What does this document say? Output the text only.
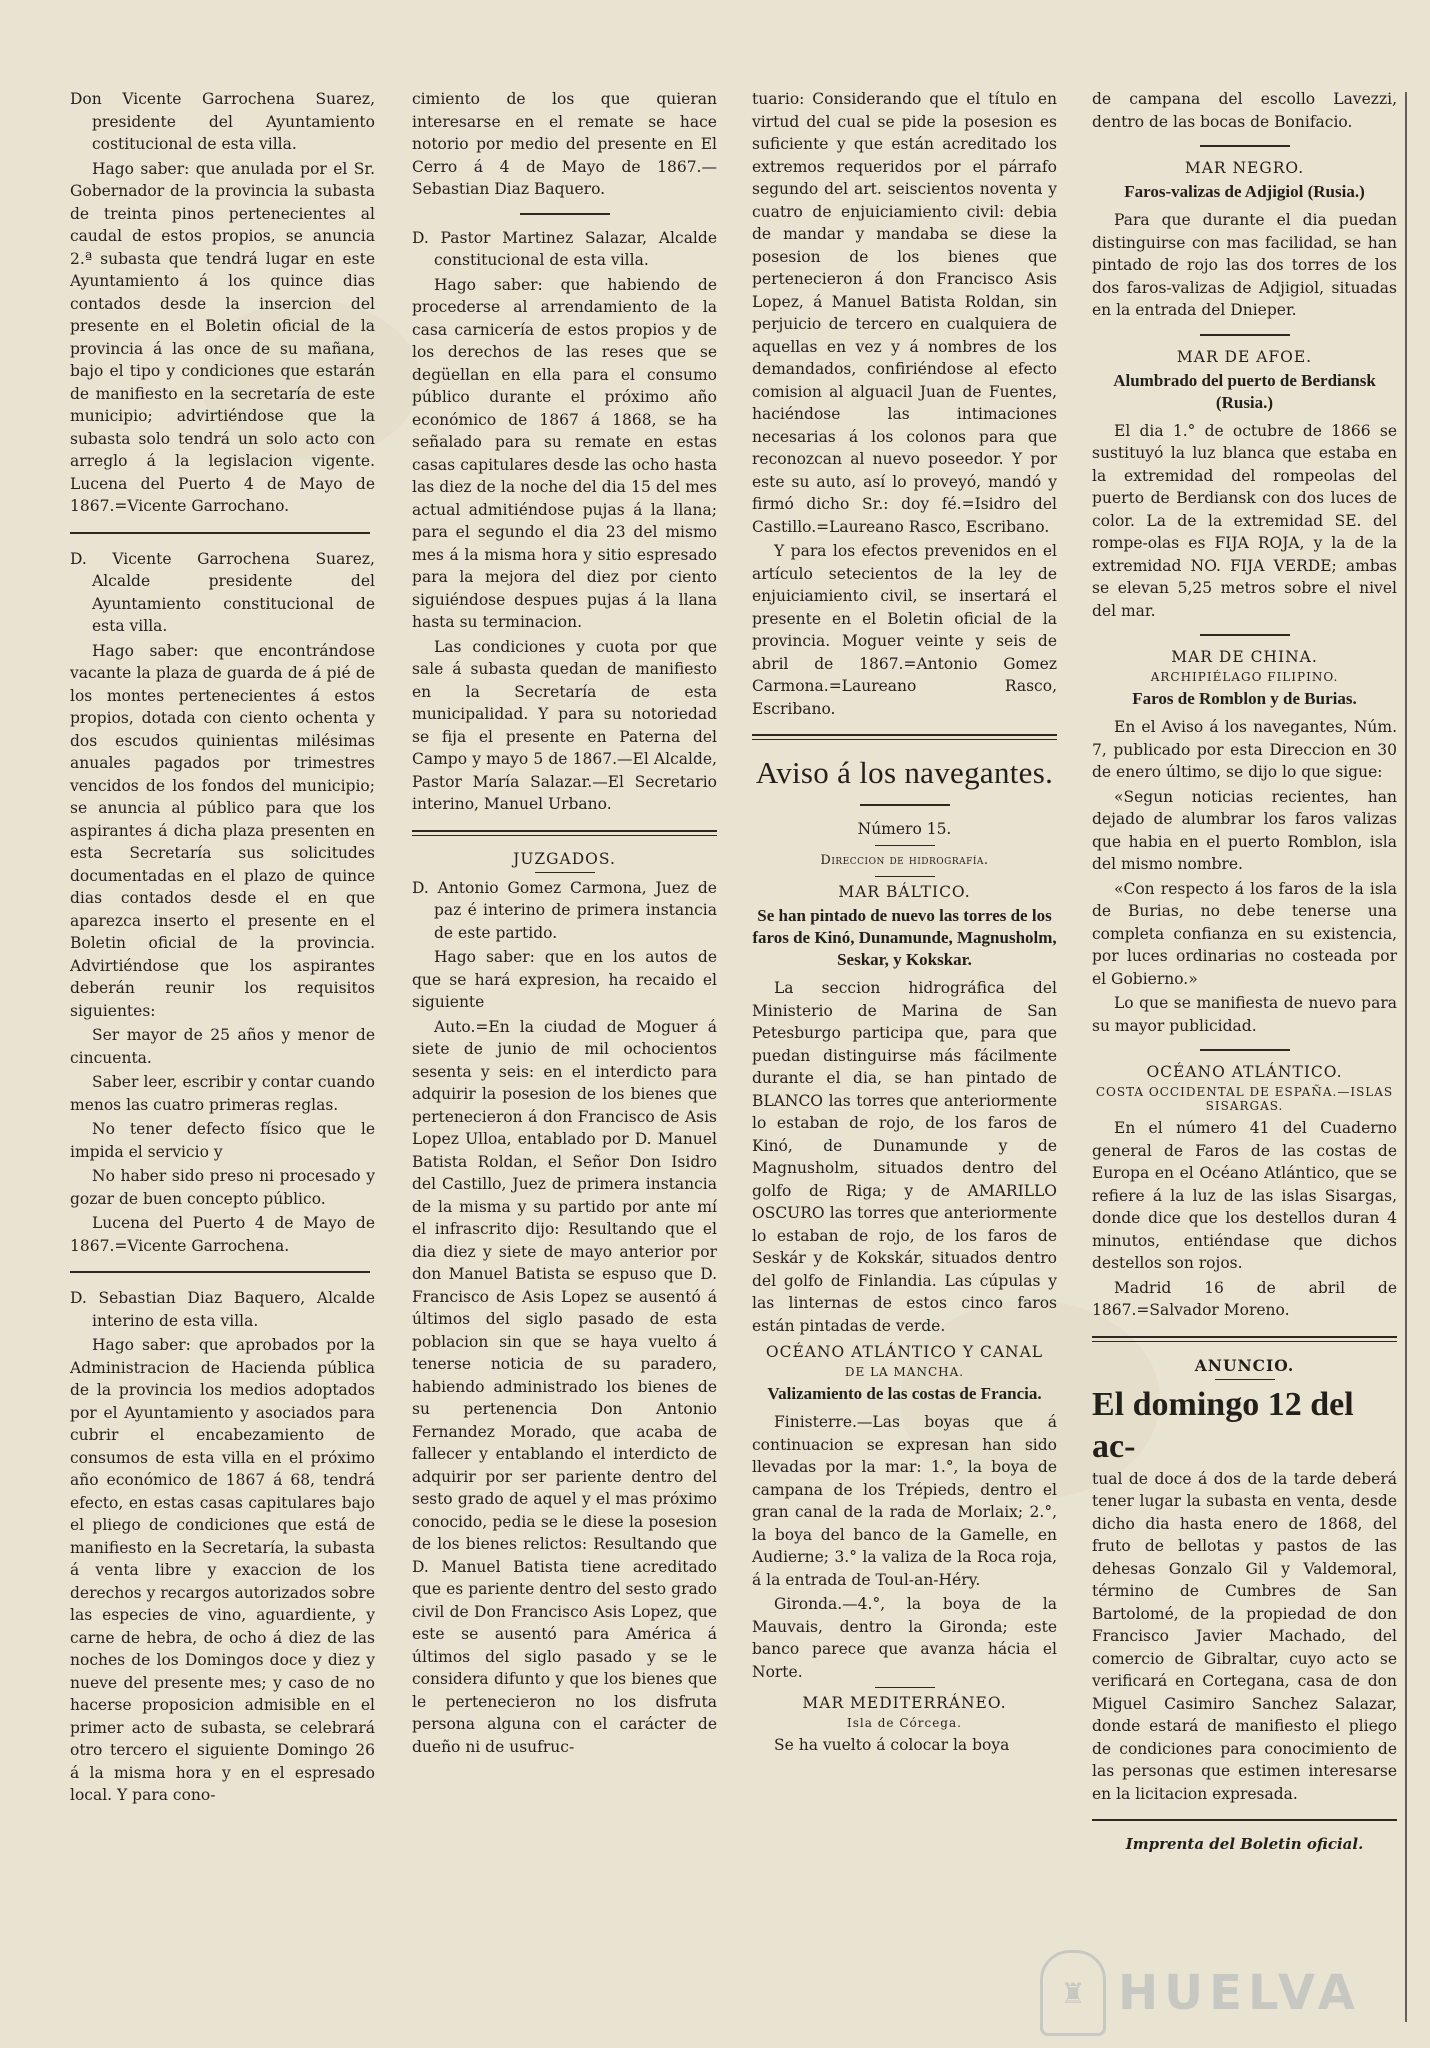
Don Vicente Garrochena Suarez, presidente del Ayuntamiento costitucional de esta villa.

Hago saber: que anulada por el Sr. Gobernador de la provincia la subasta de treinta pinos pertenecientes al caudal de estos propios, se anuncia 2.ª subasta que tendrá lugar en este Ayuntamiento á los quince dias contados desde la insercion del presente en el Boletin oficial de la provincia á las once de su mañana, bajo el tipo y condiciones que estarán de manifiesto en la secretaría de este municipio; advirtiéndose que la subasta solo tendrá un solo acto con arreglo á la legislacion vigente. Lucena del Puerto 4 de Mayo de 1867.=Vicente Garrochano.

D. Vicente Garrochena Suarez, Alcalde presidente del Ayuntamiento constitucional de esta villa.

Hago saber: que encontrándose vacante la plaza de guarda de á pié de los montes pertenecientes á estos propios, dotada con ciento ochenta y dos escudos quinientas milésimas anuales pagados por trimestres vencidos de los fondos del municipio; se anuncia al público para que los aspirantes á dicha plaza presenten en esta Secretaría sus solicitudes documentadas en el plazo de quince dias contados desde el en que aparezca inserto el presente en el Boletin oficial de la provincia. Advirtiéndose que los aspirantes deberán reunir los requisitos siguientes:

Ser mayor de 25 años y menor de cincuenta.

Saber leer, escribir y contar cuando menos las cuatro primeras reglas.

No tener defecto físico que le impida el servicio y

No haber sido preso ni procesado y gozar de buen concepto público.

Lucena del Puerto 4 de Mayo de 1867.=Vicente Garrochena.

D. Sebastian Diaz Baquero, Alcalde interino de esta villa.

Hago saber: que aprobados por la Administracion de Hacienda pública de la provincia los medios adoptados por el Ayuntamiento y asociados para cubrir el encabezamiento de consumos de esta villa en el próximo año económico de 1867 á 68, tendrá efecto, en estas casas capitulares bajo el pliego de condiciones que está de manifiesto en la Secretaría, la subasta á venta libre y exaccion de los derechos y recargos autorizados sobre las especies de vino, aguardiente, y carne de hebra, de ocho á diez de las noches de los Domingos doce y diez y nueve del presente mes; y caso de no hacerse proposicion admisible en el primer acto de subasta, se celebrará otro tercero el siguiente Domingo 26 á la misma hora y en el espresado local. Y para cono-

cimiento de los que quieran interesarse en el remate se hace notorio por medio del presente en El Cerro á 4 de Mayo de 1867.—Sebastian Diaz Baquero.

D. Pastor Martinez Salazar, Alcalde constitucional de esta villa.

Hago saber: que habiendo de procederse al arrendamiento de la casa carnicería de estos propios y de los derechos de las reses que se degüellan en ella para el consumo público durante el próximo año económico de 1867 á 1868, se ha señalado para su remate en estas casas capitulares desde las ocho hasta las diez de la noche del dia 15 del mes actual admitiéndose pujas á la llana; para el segundo el dia 23 del mismo mes á la misma hora y sitio espresado para la mejora del diez por ciento siguiéndose despues pujas á la llana hasta su terminacion.

Las condiciones y cuota por que sale á subasta quedan de manifiesto en la Secretaría de esta municipalidad. Y para su notoriedad se fija el presente en Paterna del Campo y mayo 5 de 1867.—El Alcalde, Pastor María Salazar.—El Secretario interino, Manuel Urbano.

JUZGADOS.

D. Antonio Gomez Carmona, Juez de paz é interino de primera instancia de este partido.

Hago saber: que en los autos de que se hará expresion, ha recaido el siguiente

Auto.=En la ciudad de Moguer á siete de junio de mil ochocientos sesenta y seis: en el interdicto para adquirir la posesion de los bienes que pertenecieron á don Francisco de Asis Lopez Ulloa, entablado por D. Manuel Batista Roldan, el Señor Don Isidro del Castillo, Juez de primera instancia de la misma y su partido por ante mí el infrascrito dijo: Resultando que el dia diez y siete de mayo anterior por don Manuel Batista se espuso que D. Francisco de Asis Lopez se ausentó á últimos del siglo pasado de esta poblacion sin que se haya vuelto á tenerse noticia de su paradero, habiendo administrado los bienes de su pertenencia Don Antonio Fernandez Morado, que acaba de fallecer y entablando el interdicto de adquirir por ser pariente dentro del sesto grado de aquel y el mas próximo conocido, pedia se le diese la posesion de los bienes relictos: Resultando que D. Manuel Batista tiene acreditado que es pariente dentro del sesto grado civil de Don Francisco Asis Lopez, que este se ausentó para América á últimos del siglo pasado y se le considera difunto y que los bienes que le pertenecieron no los disfruta persona alguna con el carácter de dueño ni de usufruc-

tuario: Considerando que el título en virtud del cual se pide la posesion es suficiente y que están acreditado los extremos requeridos por el párrafo segundo del art. seiscientos noventa y cuatro de enjuiciamiento civil: debia de mandar y mandaba se diese la posesion de los bienes que pertenecieron á don Francisco Asis Lopez, á Manuel Batista Roldan, sin perjuicio de tercero en cualquiera de aquellas en vez y á nombres de los demandados, confiriéndose al efecto comision al alguacil Juan de Fuentes, haciéndose las intimaciones necesarias á los colonos para que reconozcan al nuevo poseedor. Y por este su auto, así lo proveyó, mandó y firmó dicho Sr.: doy fé.=Isidro del Castillo.=Laureano Rasco, Escribano.

Y para los efectos prevenidos en el artículo setecientos de la ley de enjuiciamiento civil, se insertará el presente en el Boletin oficial de la provincia. Moguer veinte y seis de abril de 1867.=Antonio Gomez Carmona.=Laureano Rasco, Escribano.

Aviso á los navegantes.

Número 15.

Direccion de hidrografía.

MAR BÁLTICO.
Se han pintado de nuevo las torres de los faros de Kinó, Dunamunde, Magnusholm, Seskar, y Kokskar.

La seccion hidrográfica del Ministerio de Marina de San Petesburgo participa que, para que puedan distinguirse más fácilmente durante el dia, se han pintado de BLANCO las torres que anteriormente lo estaban de rojo, de los faros de Kinó, de Dunamunde y de Magnusholm, situados dentro del golfo de Riga; y de AMARILLO OSCURO las torres que anteriormente lo estaban de rojo, de los faros de Seskár y de Kokskár, situados dentro del golfo de Finlandia. Las cúpulas y las linternas de estos cinco faros están pintadas de verde.

OCÉANO ATLÁNTICO Y CANAL
DE LA MANCHA.
Valizamiento de las costas de Francia.

Finisterre.—Las boyas que á continuacion se expresan han sido llevadas por la mar: 1.°, la boya de campana de los Trépieds, dentro el gran canal de la rada de Morlaix; 2.°, la boya del banco de la Gamelle, en Audierne; 3.° la valiza de la Roca roja, á la entrada de Toul-an-Héry.

Gironda.—4.°, la boya de la Mauvais, dentro la Gironda; este banco parece que avanza hácia el Norte.

MAR MEDITERRÁNEO.
Isla de Córcega.

Se ha vuelto á colocar la boya

de campana del escollo Lavezzi, dentro de las bocas de Bonifacio.

MAR NEGRO.
Faros-valizas de Adjigiol (Rusia.)

Para que durante el dia puedan distinguirse con mas facilidad, se han pintado de rojo las dos torres de los dos faros-valizas de Adjigiol, situadas en la entrada del Dnieper.

MAR DE AFOE.
Alumbrado del puerto de Berdiansk (Rusia.)

El dia 1.° de octubre de 1866 se sustituyó la luz blanca que estaba en la extremidad del rompeolas del puerto de Berdiansk con dos luces de color. La de la extremidad SE. del rompe-olas es FIJA ROJA, y la de la extremidad NO. FIJA VERDE; ambas se elevan 5,25 metros sobre el nivel del mar.

MAR DE CHINA.
ARCHIPIÉLAGO FILIPINO.
Faros de Romblon y de Burias.

En el Aviso á los navegantes, Núm. 7, publicado por esta Direccion en 30 de enero último, se dijo lo que sigue:

«Segun noticias recientes, han dejado de alumbrar los faros valizas que habia en el puerto Romblon, isla del mismo nombre.

«Con respecto á los faros de la isla de Burias, no debe tenerse una completa confianza en su existencia, por luces ordinarias no costeada por el Gobierno.»

Lo que se manifiesta de nuevo para su mayor publicidad.

OCÉANO ATLÁNTICO.
COSTA OCCIDENTAL DE ESPAÑA.—ISLAS SISARGAS.

En el número 41 del Cuaderno general de Faros de las costas de Europa en el Océano Atlántico, que se refiere á la luz de las islas Sisargas, donde dice que los destellos duran 4 minutos, entiéndase que dichos destellos son rojos.

Madrid 16 de abril de 1867.=Salvador Moreno.

ANUNCIO.
El domingo 12 del ac-

tual de doce á dos de la tarde deberá tener lugar la subasta en venta, desde dicho dia hasta enero de 1868, del fruto de bellotas y pastos de las dehesas Gonzalo Gil y Valdemoral, término de Cumbres de San Bartolomé, de la propiedad de don Francisco Javier Machado, del comercio de Gibraltar, cuyo acto se verificará en Cortegana, casa de don Miguel Casimiro Sanchez Salazar, donde estará de manifiesto el pliego de condiciones para conocimiento de las personas que estimen interesarse en la licitacion expresada.

Imprenta del Boletin oficial.
♜ HUELVA
